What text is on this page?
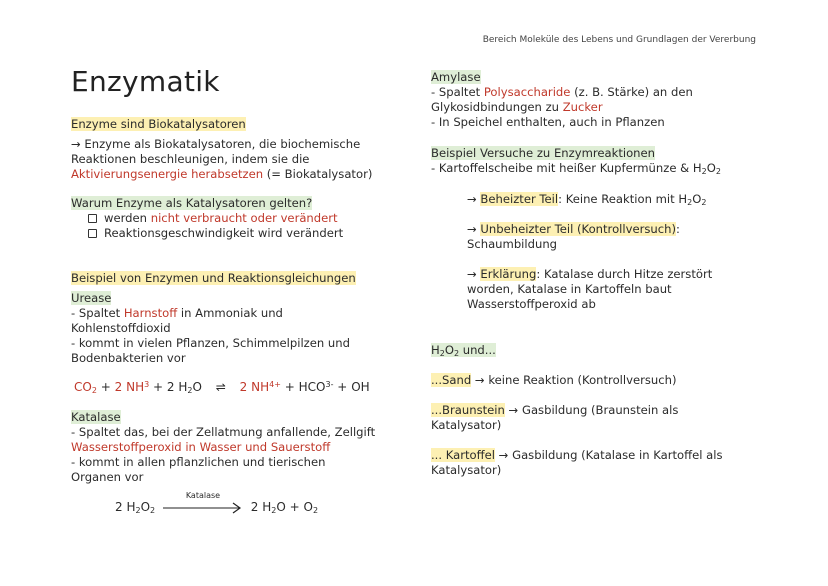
Bereich Moleküle des Lebens und Grundlagen der Vererbung
Enzymatik
Enzyme sind Biokatalysatoren
→ Enzyme als Biokatalysatoren, die biochemische
Reaktionen beschleunigen, indem sie die
Aktivierungsenergie herabsetzen (= Biokatalysator)
Warum Enzyme als Katalysatoren gelten?
werden nicht verbraucht oder verändert
Reaktionsgeschwindigkeit wird verändert
Beispiel von Enzymen und Reaktionsgleichungen
Urease
- Spaltet Harnstoff in Ammoniak und
Kohlenstoffdioxid
- kommt in vielen Pflanzen, Schimmelpilzen und
Bodenbakterien vor
$CO_2 + 2$ $NH^3 + 2$ $H_2O$ ⇌ 2 $NH^{4+} + HCO^{3-}$ + OH
Katalase
- Spaltet das, bei der Zellatmung anfallende, Zellgift
Wasserstoffperoxid in Wasser und Sauerstoff
- kommt in allen pflanzlichen und tierischen
Organen vor
2 $H_2O_2$
Katalase
2 $H_2O + O_2$
Amylase
- Spaltet Polysaccharide (z. B. Stärke) an den
Glykosidbindungen zu Zucker
- In Speichel enthalten, auch in Pflanzen
Beispiel Versuche zu Enzymreaktionen
- Kartoffelscheibe mit heißer Kupfermünze & $H_2O_2$
→ Beheizter Teil: Keine Reaktion mit $H_2O_2$
→ Unbeheizter Teil (Kontrollversuch):
Schaumbildung
→ Erklärung: Katalase durch Hitze zerstört
worden, Katalase in Kartoffeln baut
Wasserstoffperoxid ab
$H_2O_2$ und...
...Sand → keine Reaktion (Kontrollversuch)
...Braunstein → Gasbildung (Braunstein als
Katalysator)
... Kartoffel → Gasbildung (Katalase in Kartoffel als
Katalysator)
